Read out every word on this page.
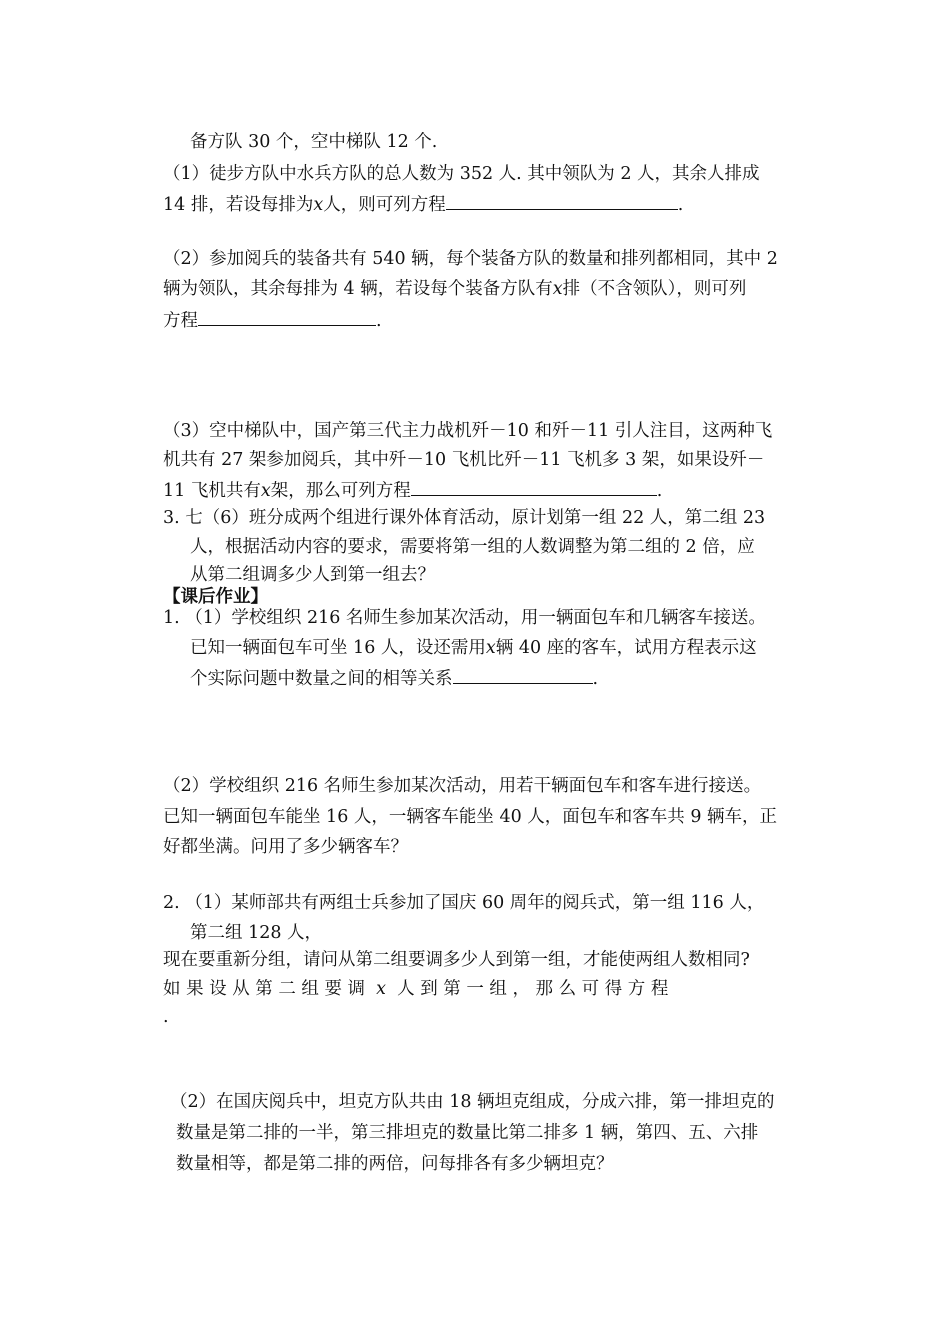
备方队 30 个，空中梯队 12 个.
（1）徒步方队中水兵方队的总人数为 352 人. 其中领队为 2 人，其余人排成
14 排，若设每排为x人，则可列方程	.
（2）参加阅兵的装备共有 540 辆，每个装备方队的数量和排列都相同，其中 2
辆为领队，其余每排为 4 辆，若设每个装备方队有x排（不含领队），则可列
方程	.
（3）空中梯队中，国产第三代主力战机歼－10 和歼－11 引人注目，这两种飞
机共有 27 架参加阅兵，其中歼－10 飞机比歼－11 飞机多 3 架，如果设歼－
11 飞机共有x架，那么可列方程	.
3. 七（6）班分成两个组进行课外体育活动，原计划第一组 22 人，第二组 23
人，根据活动内容的要求，需要将第一组的人数调整为第二组的 2 倍，应
从第二组调多少人到第一组去？
【课后作业】
1. （1）学校组织 216 名师生参加某次活动，用一辆面包车和几辆客车接送。
已知一辆面包车可坐 16 人，设还需用x辆 40 座的客车，试用方程表示这
个实际问题中数量之间的相等关系	.
（2）学校组织 216 名师生参加某次活动，用若干辆面包车和客车进行接送。
已知一辆面包车能坐 16 人，一辆客车能坐 40 人，面包车和客车共 9 辆车，正
好都坐满。问用了多少辆客车？
2. （1）某师部共有两组士兵参加了国庆 60 周年的阅兵式，第一组 116 人，
第二组 128 人，
现在要重新分组，请问从第二组要调多少人到第一组，才能使两组人数相同?
如 果 设 从 第 二 组 要 调 x 人 到 第 一 组 ， 那 么 可 得 方 程
.
（2）在国庆阅兵中，坦克方队共由 18 辆坦克组成，分成六排，第一排坦克的
数量是第二排的一半，第三排坦克的数量比第二排多 1 辆，第四、五、六排
数量相等，都是第二排的两倍，问每排各有多少辆坦克？
